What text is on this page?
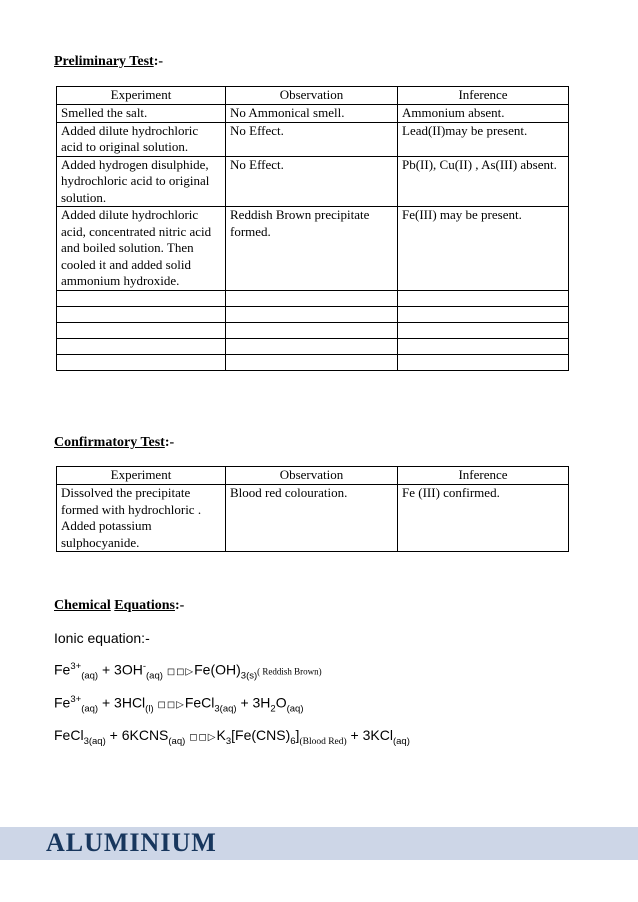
Preliminary Test:-
Experiment	Observation	Inference
Smelled the salt.	No Ammonical smell.	Ammonium absent.
Added dilute hydrochloric acid to original solution.	No Effect.	Lead(II)may be present.
Added hydrogen disulphide, hydrochloric acid to original solution.	No Effect.	Pb(II), Cu(II) , As(III) absent.
Added dilute hydrochloric acid, concentrated nitric acid and boiled solution. Then cooled it and added solid ammonium hydroxide.	Reddish Brown precipitate formed.	Fe(III) may be present.

Confirmatory Test:-
Experiment	Observation	Inference
Dissolved the precipitate formed with hydrochloric . Added potassium sulphocyanide.	Blood red colouration.	Fe (III) confirmed.
Chemical Equations:-
Ionic equation:-
$Fe^{3+}_{(aq)} + 3OH^-_{(aq)}$ $◻◻▷Fe(OH)_{3(s)}$( Reddish Brown)
$Fe^{3+}_{(aq)} + 3HCl_{(l)}$ ◻◻▷FeCl$_{3(aq)}$ + $3H_2O_{(aq)}$
FeCl$_{3(aq)}$ + $6KCNS_{(aq)}$ $◻◻▷K_3[Fe(CNS)_6]_{(Blood Red)} + 3KCl_{(aq)}$
ALUMINIUM
